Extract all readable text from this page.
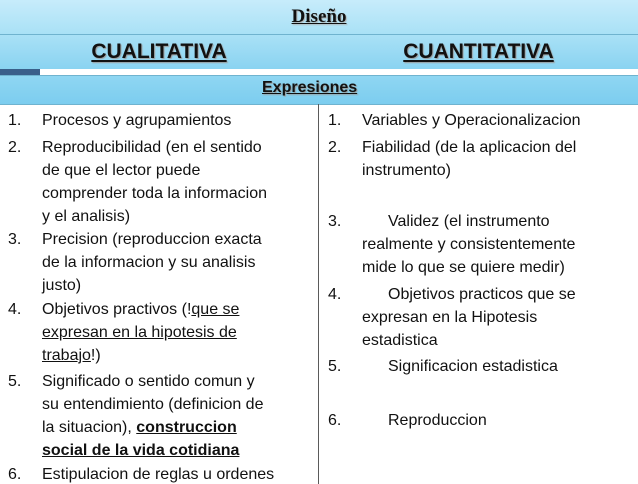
Diseño
CUALITATIVA	CUANTITATIVA
Expresiones
1. Procesos y agrupamientos
2. Reproducibilidad (en el sentido
de que el lector puede
comprender toda la informacion
y el analisis)
3. Precision (reproduccion exacta
de la informacion y su analisis
justo)
4. Objetivos practivos (!que se
expresan en la hipotesis de
trabajo!)
5. Significado o sentido comun y
su entendimiento (definicion de
la situacion), construccion
social de la vida cotidiana
6. Estipulacion de reglas u ordenes
1. Variables y Operacionalizacion
2. Fiabilidad (de la aplicacion del
instrumento)
3.	Validez (el instrumento
realmente y consistentemente
mide lo que se quiere medir)
4.	Objetivos practicos que se
expresan en la Hipotesis
estadistica
5.	Significacion estadistica
6.	Reproduccion
